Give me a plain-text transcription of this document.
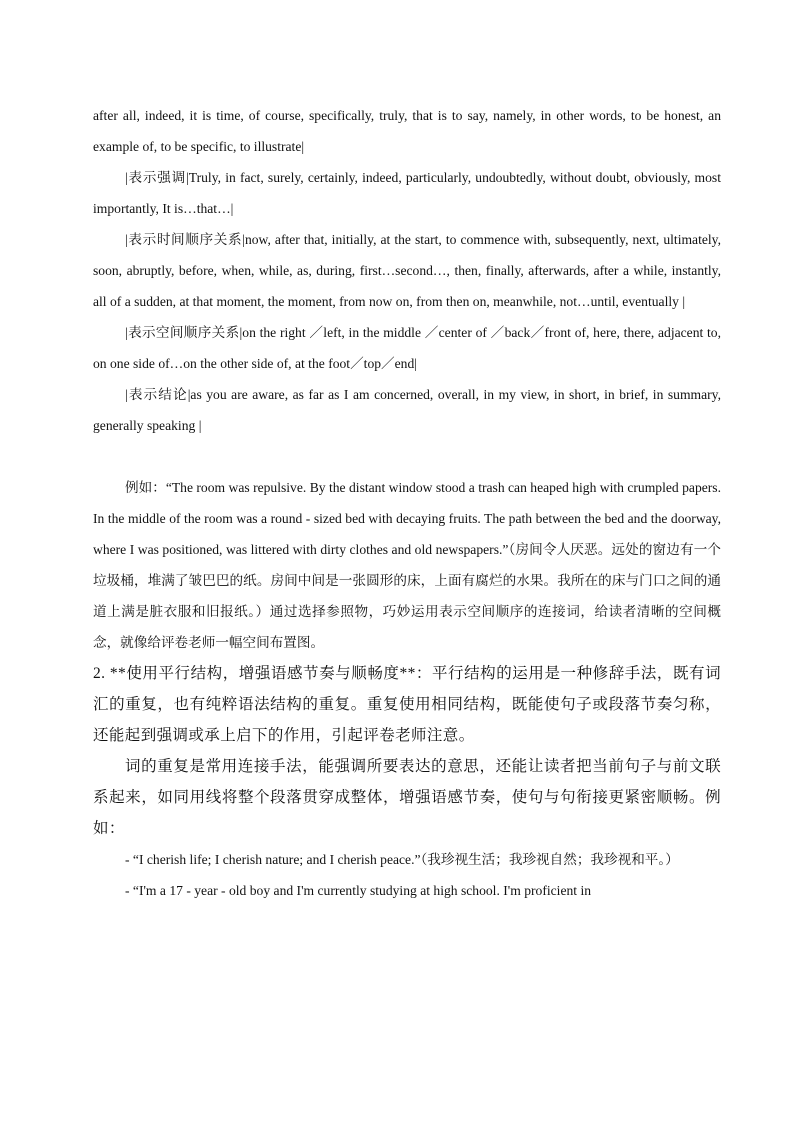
after all, indeed, it is time, of course, specifically, truly, that is to say, namely, in other words, to be honest, an example of, to be specific, to illustrate|

|表示强调|Truly, in fact, surely, certainly, indeed, particularly, undoubtedly, without doubt, obviously, most importantly, It is…that…|

|表示时间顺序关系|now, after that, initially, at the start, to commence with, subsequently, next, ultimately, soon, abruptly, before, when, while, as, during, first…second…, then, finally, afterwards, after a while, instantly, all of a sudden, at that moment, the moment, from now on, from then on, meanwhile, not…until, eventually |

|表示空间顺序关系|on the right ／left, in the middle ／center of ／back／front of, here, there, adjacent to, on one side of…on the other side of, at the foot／top／end|

|表示结论|as you are aware, as far as I am concerned, overall, in my view, in short, in brief, in summary, generally speaking |

例如：“The room was repulsive. By the distant window stood a trash can heaped high with crumpled papers. In the middle of the room was a round - sized bed with decaying fruits. The path between the bed and the doorway, where I was positioned, was littered with dirty clothes and old newspapers.”（房间令人厌恶。远处的窗边有一个垃圾桶，堆满了皱巴巴的纸。房间中间是一张圆形的床，上面有腐烂的水果。我所在的床与门口之间的通道上满是脏衣服和旧报纸。）通过选择参照物，巧妙运用表示空间顺序的连接词，给读者清晰的空间概念，就像给评卷老师一幅空间布置图。

2. **使用平行结构，增强语感节奏与顺畅度**：平行结构的运用是一种修辞手法，既有词汇的重复，也有纯粹语法结构的重复。重复使用相同结构，既能使句子或段落节奏匀称，还能起到强调或承上启下的作用，引起评卷老师注意。

词的重复是常用连接手法，能强调所要表达的意思，还能让读者把当前句子与前文联系起来，如同用线将整个段落贯穿成整体，增强语感节奏，使句与句衔接更紧密顺畅。例如：

- “I cherish life; I cherish nature; and I cherish peace.”（我珍视生活；我珍视自然；我珍视和平。）

- “I'm a 17 - year - old boy and I'm currently studying at high school. I'm proficient in
